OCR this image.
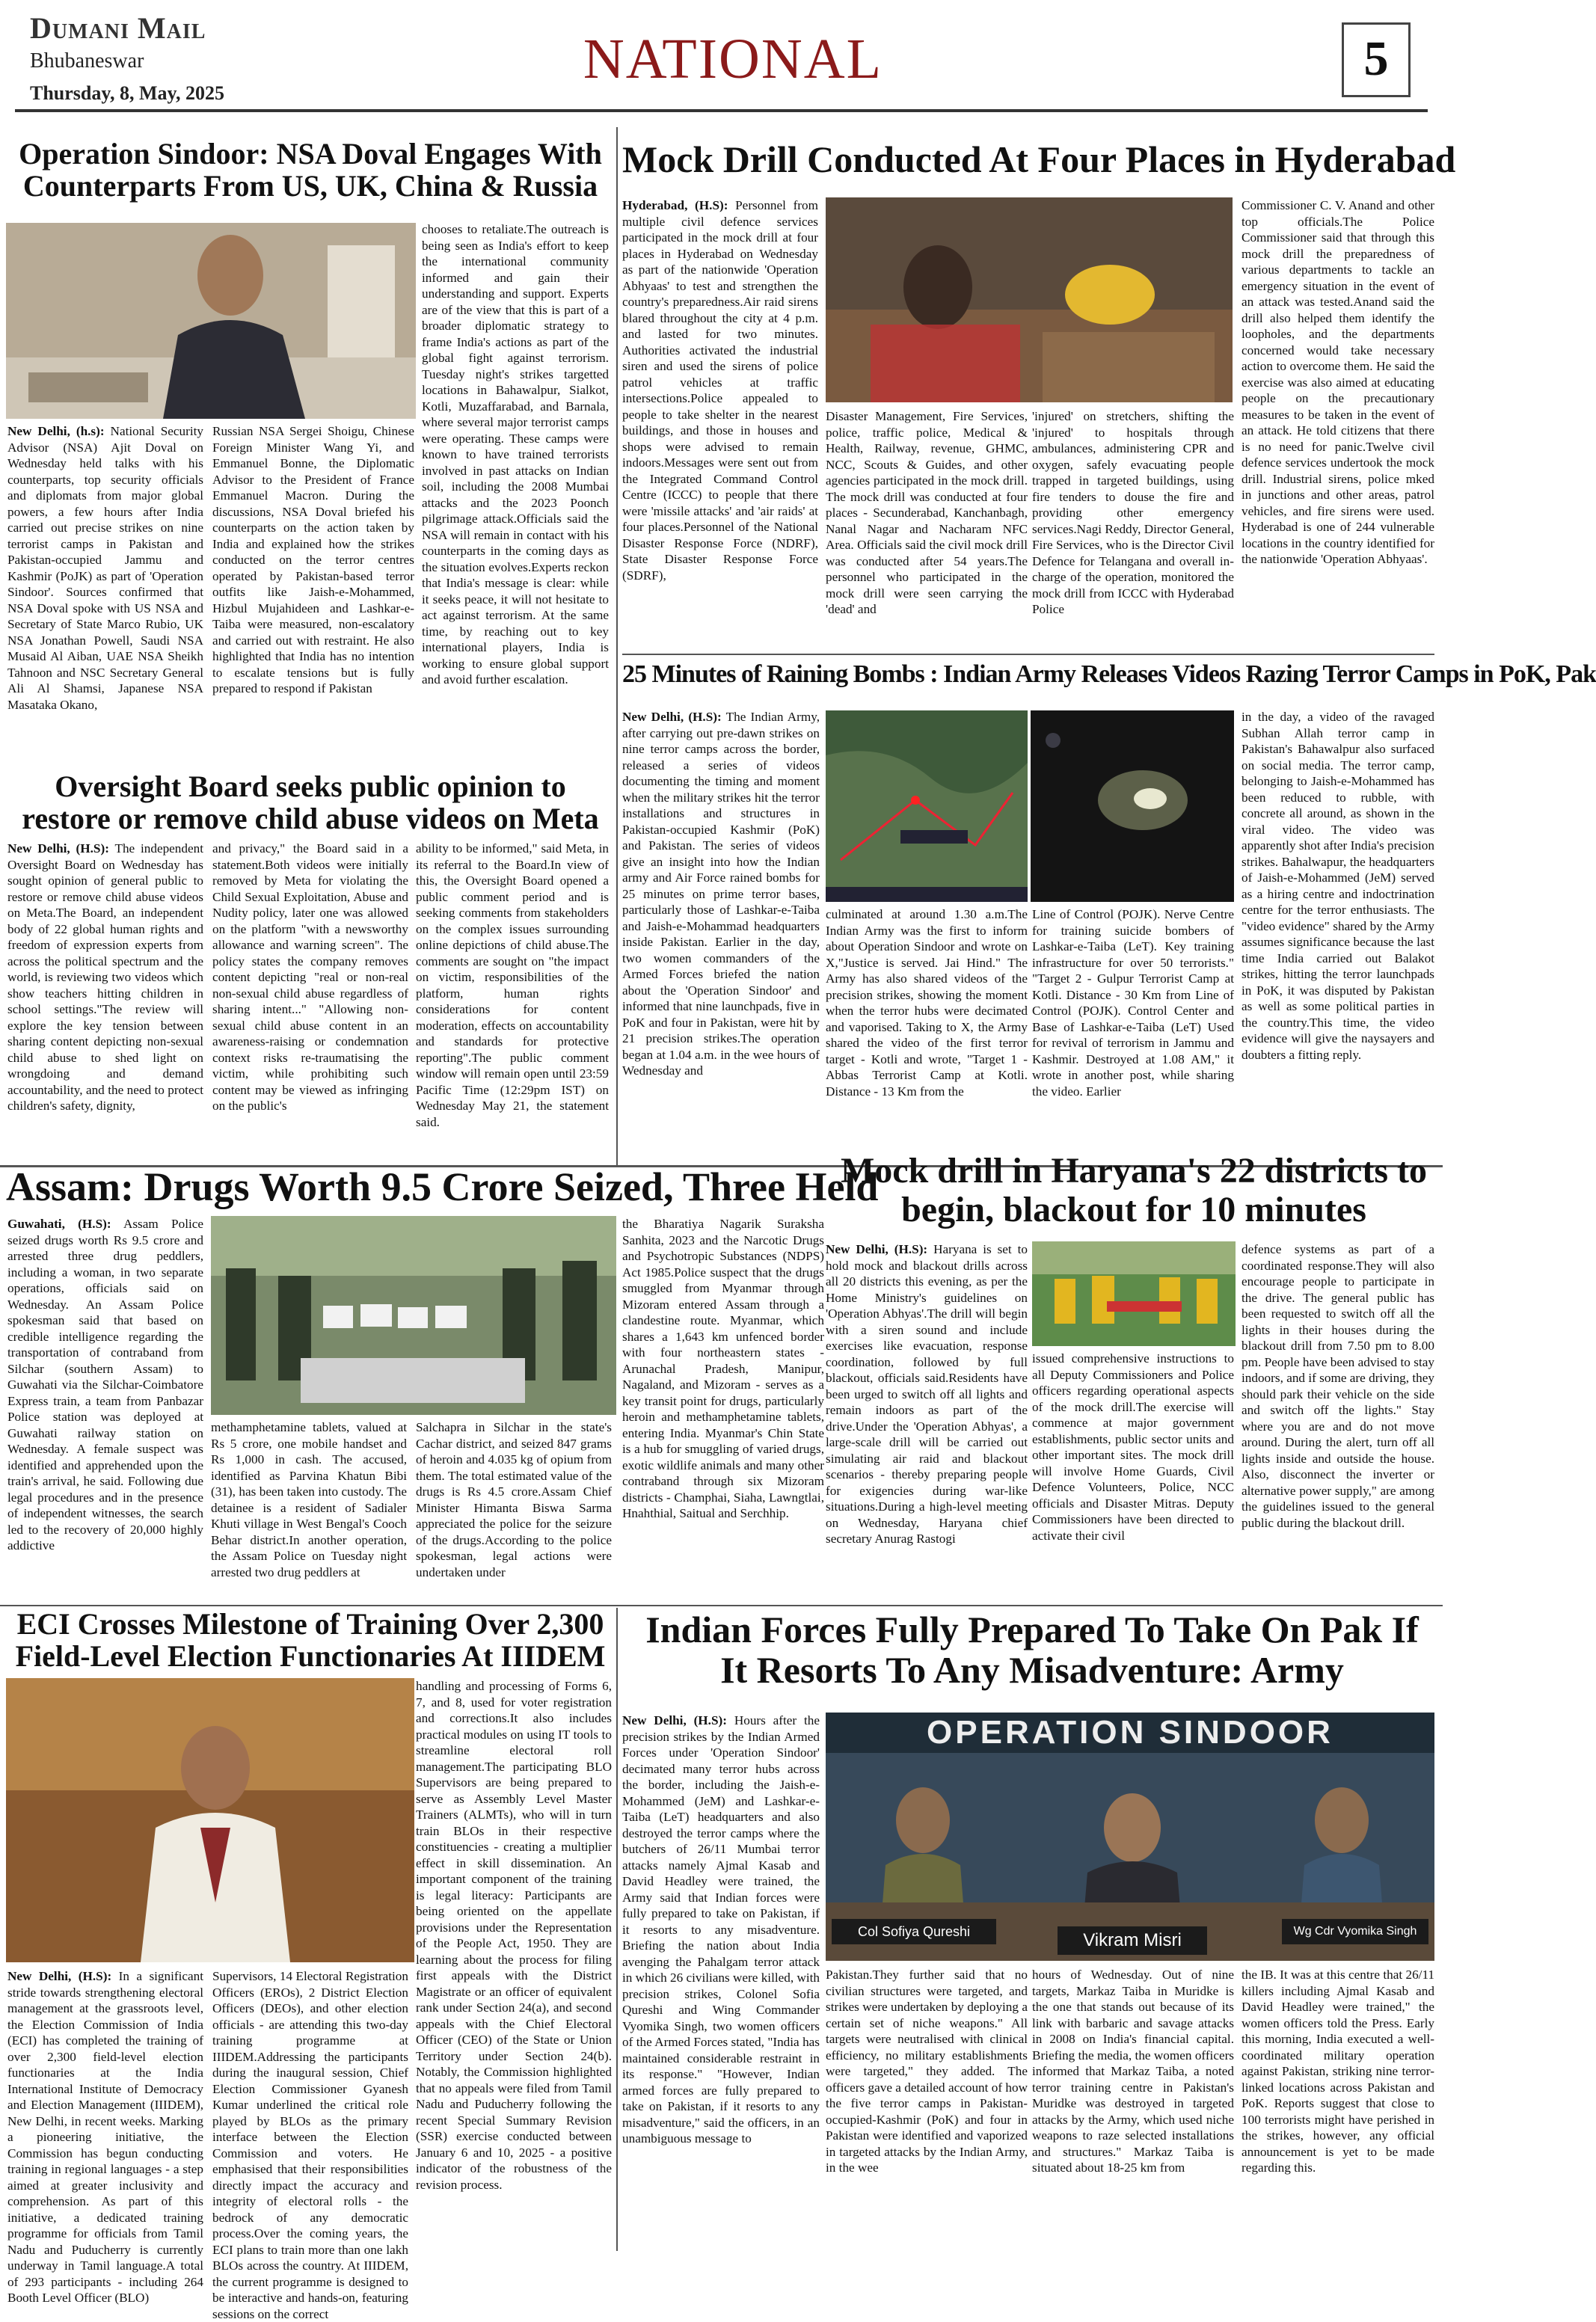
Dumani Mail
Bhubaneswar
Thursday, 8, May, 2025
NATIONAL	5
Operation Sindoor: NSA Doval Engages With Counterparts From US, UK, China & Russia
New Delhi, (h.s): National Security Advisor (NSA) Ajit Doval on Wednesday held talks with his counterparts, top security officials and diplomats from major global powers, a few hours after India carried out precise strikes on nine terrorist camps in Pakistan and Pakistan-occupied Jammu and Kashmir (PoJK) as part of 'Operation Sindoor'. Sources confirmed that NSA Doval spoke with US NSA and Secretary of State Marco Rubio, UK NSA Jonathan Powell, Saudi NSA Musaid Al Aiban, UAE NSA Sheikh Tahnoon and NSC Secretary General Ali Al Shamsi, Japanese NSA Masataka Okano,
Russian NSA Sergei Shoigu, Chinese Foreign Minister Wang Yi, and Emmanuel Bonne, the Diplomatic Advisor to the President of France Emmanuel Macron. During the discussions, NSA Doval briefed his counterparts on the action taken by India and explained how the strikes conducted on the terror centres operated by Pakistan-based terror outfits like Jaish-e-Mohammed, Hizbul Mujahideen and Lashkar-e-Taiba were measured, non-escalatory and carried out with restraint. He also highlighted that India has no intention to escalate tensions but is fully prepared to respond if Pakistan
chooses to retaliate.The outreach is being seen as India's effort to keep the international community informed and gain their understanding and support. Experts are of the view that this is part of a broader diplomatic strategy to frame India's actions as part of the global fight against terrorism. Tuesday night's strikes targetted locations in Bahawalpur, Sialkot, Kotli, Muzaffarabad, and Barnala, where several major terrorist camps were operating. These camps were known to have trained terrorists involved in past attacks on Indian soil, including the 2008 Mumbai attacks and the 2023 Poonch pilgrimage attack.Officials said the NSA will remain in contact with his counterparts in the coming days as the situation evolves.Experts reckon that India's message is clear: while it seeks peace, it will not hesitate to act against terrorism. At the same time, by reaching out to key international players, India is working to ensure global support and avoid further escalation.
Mock Drill Conducted At Four Places in Hyderabad
Hyderabad, (H.S): Personnel from multiple civil defence services participated in the mock drill at four places in Hyderabad on Wednesday as part of the nationwide 'Operation Abhyaas' to test and strengthen the country's preparedness.Air raid sirens blared throughout the city at 4 p.m. and lasted for two minutes. Authorities activated the industrial siren and used the sirens of police patrol vehicles at traffic intersections.Police appealed to people to take shelter in the nearest buildings, and those in houses and shops were advised to remain indoors.Messages were sent out from the Integrated Command Control Centre (ICCC) to people that there were 'missile attacks' and 'air raids' at four places.Personnel of the National Disaster Response Force (NDRF), State Disaster Response Force (SDRF),
Disaster Management, Fire Services, police, traffic police, Medical & Health, Railway, revenue, GHMC, NCC, Scouts & Guides, and other agencies participated in the mock drill. The mock drill was conducted at four places - Secunderabad, Kanchanbagh, Nanal Nagar and Nacharam NFC Area. Officials said the civil mock drill was conducted after 54 years.The personnel who participated in the mock drill were seen carrying the 'dead' and
'injured' on stretchers, shifting the 'injured' to hospitals through ambulances, administering CPR and oxygen, safely evacuating people trapped in targeted buildings, using fire tenders to douse the fire and providing other emergency services.Nagi Reddy, Director General, Fire Services, who is the Director Civil Defence for Telangana and overall in-charge of the operation, monitored the mock drill from ICCC with Hyderabad Police
Commissioner C. V. Anand and other top officials.The Police Commissioner said that through this mock drill the preparedness of various departments to tackle an emergency situation in the event of an attack was tested.Anand said the drill also helped them identify the loopholes, and the departments concerned would take necessary action to overcome them. He said the exercise was also aimed at educating people on the precautionary measures to be taken in the event of an attack. He told citizens that there is no need for panic.Twelve civil defence services undertook the mock drill. Industrial sirens, police mked in junctions and other areas, patrol vehicles, and fire sirens were used. Hyderabad is one of 244 vulnerable locations in the country identified for the nationwide 'Operation Abhyaas'.
Oversight Board seeks public opinion to restore or remove child abuse videos on Meta
New Delhi, (H.S): The independent Oversight Board on Wednesday has sought opinion of general public to restore or remove child abuse videos on Meta.The Board, an independent body of 22 global human rights and freedom of expression experts from across the political spectrum and the world, is reviewing two videos which show teachers hitting children in school settings."The review will explore the key tension between sharing content depicting non-sexual child abuse to shed light on wrongdoing and demand accountability, and the need to protect children's safety, dignity,
and privacy," the Board said in a statement.Both videos were initially removed by Meta for violating the Child Sexual Exploitation, Abuse and Nudity policy, later one was allowed on the platform "with a newsworthy allowance and warning screen". The policy states the company removes content depicting "real or non-real non-sexual child abuse regardless of sharing intent..." "Allowing non-sexual child abuse content in an awareness-raising or condemnation context risks re-traumatising the victim, while prohibiting such content may be viewed as infringing on the public's
ability to be informed," said Meta, in its referral to the Board.In view of this, the Oversight Board opened a public comment period and is seeking comments from stakeholders on the complex issues surrounding online depictions of child abuse.The comments are sought on "the impact on victim, responsibilities of the platform, human rights considerations for content moderation, effects on accountability and standards for protective reporting".The public comment window will remain open until 23:59 Pacific Time (12:29pm IST) on Wednesday May 21, the statement said.
25 Minutes of Raining Bombs : Indian Army Releases Videos Razing Terror Camps in PoK, Pak
New Delhi, (H.S): The Indian Army, after carrying out pre-dawn strikes on nine terror camps across the border, released a series of videos documenting the timing and moment when the military strikes hit the terror installations and structures in Pakistan-occupied Kashmir (PoK) and Pakistan. The series of videos give an insight into how the Indian army and Air Force rained bombs for 25 minutes on prime terror bases, particularly those of Lashkar-e-Taiba and Jaish-e-Mohammad headquarters inside Pakistan. Earlier in the day, two women commanders of the Armed Forces briefed the nation about the 'Operation Sindoor' and informed that nine launchpads, five in PoK and four in Pakistan, were hit by 21 precision strikes.The operation began at 1.04 a.m. in the wee hours of Wednesday and
culminated at around 1.30 a.m.The Indian Army was the first to inform about Operation Sindoor and wrote on X,"Justice is served. Jai Hind." The Army has also shared videos of the precision strikes, showing the moment when the terror hubs were decimated and vaporised. Taking to X, the Army shared the video of the first terror target - Kotli and wrote, "Target 1 - Abbas Terrorist Camp at Kotli. Distance - 13 Km from the
Line of Control (POJK). Nerve Centre for training suicide bombers of Lashkar-e-Taiba (LeT). Key training infrastructure for over 50 terrorists." "Target 2 - Gulpur Terrorist Camp at Kotli. Distance - 30 Km from Line of Control (POJK). Control Center and Base of Lashkar-e-Taiba (LeT) Used for revival of terrorism in Jammu and Kashmir. Destroyed at 1.08 AM," it wrote in another post, while sharing the video. Earlier
in the day, a video of the ravaged Subhan Allah terror camp in Pakistan's Bahawalpur also surfaced on social media. The terror camp, belonging to Jaish-e-Mohammed has been reduced to rubble, with concrete all around, as shown in the viral video. The video was apparently shot after India's precision strikes. Bahalwapur, the headquarters of Jaish-e-Mohammed (JeM) served as a hiring centre and indoctrination centre for the terror enthusiasts. The "video evidence" shared by the Army assumes significance because the last time India carried out Balakot strikes, hitting the terror launchpads in PoK, it was disputed by Pakistan as well as some political parties in the country.This time, the video evidence will give the naysayers and doubters a fitting reply.
Assam: Drugs Worth 9.5 Crore Seized, Three Held
Guwahati, (H.S): Assam Police seized drugs worth Rs 9.5 crore and arrested three drug peddlers, including a woman, in two separate operations, officials said on Wednesday. An Assam Police spokesman said that based on credible intelligence regarding the transportation of contraband from Silchar (southern Assam) to Guwahati via the Silchar-Coimbatore Express train, a team from Panbazar Police station was deployed at Guwahati railway station on Wednesday. A female suspect was identified and apprehended upon the train's arrival, he said. Following due legal procedures and in the presence of independent witnesses, the search led to the recovery of 20,000 highly addictive
methamphetamine tablets, valued at Rs 5 crore, one mobile handset and Rs 1,000 in cash. The accused, identified as Parvina Khatun Bibi (31), has been taken into custody. The detainee is a resident of Sadialer Khuti village in West Bengal's Cooch Behar district.In another operation, the Assam Police on Tuesday night arrested two drug peddlers at
Salchapra in Silchar in the state's Cachar district, and seized 847 grams of heroin and 4.035 kg of opium from them. The total estimated value of the drugs is Rs 4.5 crore.Assam Chief Minister Himanta Biswa Sarma appreciated the police for the seizure of the drugs.According to the police spokesman, legal actions were undertaken under
the Bharatiya Nagarik Suraksha Sanhita, 2023 and the Narcotic Drugs and Psychotropic Substances (NDPS) Act 1985.Police suspect that the drugs smuggled from Myanmar through Mizoram entered Assam through a clandestine route. Myanmar, which shares a 1,643 km unfenced border with four northeastern states - Arunachal Pradesh, Manipur, Nagaland, and Mizoram - serves as a key transit point for drugs, particularly heroin and methamphetamine tablets, entering India. Myanmar's Chin State is a hub for smuggling of varied drugs, exotic wildlife animals and many other contraband through six Mizoram districts - Champhai, Siaha, Lawngtlai, Hnahthial, Saitual and Serchhip.
Mock drill in Haryana's 22 districts to begin, blackout for 10 minutes
New Delhi, (H.S): Haryana is set to hold mock and blackout drills across all 20 districts this evening, as per the Home Ministry's guidelines on 'Operation Abhyas'.The drill will begin with a siren sound and include exercises like evacuation, response coordination, followed by full blackout, officials said.Residents have been urged to switch off all lights and remain indoors as part of the drive.Under the 'Operation Abhyas', a large-scale drill will be carried out simulating air raid and blackout scenarios - thereby preparing people for exigencies during war-like situations.During a high-level meeting on Wednesday, Haryana chief secretary Anurag Rastogi
issued comprehensive instructions to all Deputy Commissioners and Police officers regarding operational aspects of the mock drill.The exercise will commence at major government establishments, public sector units and other important sites. The mock drill will involve Home Guards, Civil Defence Volunteers, Police, NCC officials and Disaster Mitras. Deputy Commissioners have been directed to activate their civil
defence systems as part of a coordinated response.They will also encourage people to participate in the drive. The general public has been requested to switch off all the lights in their houses during the blackout drill from 7.50 pm to 8.00 pm. People have been advised to stay indoors, and if some are driving, they should park their vehicle on the side and switch off the lights." Stay where you are and do not move around. During the alert, turn off all lights inside and outside the house. Also, disconnect the inverter or alternative power supply," are among the guidelines issued to the general public during the blackout drill.
ECI Crosses Milestone of Training Over 2,300 Field-Level Election Functionaries At IIIDEM
New Delhi, (H.S): In a significant stride towards strengthening electoral management at the grassroots level, the Election Commission of India (ECI) has completed the training of over 2,300 field-level election functionaries at the India International Institute of Democracy and Election Management (IIIDEM), New Delhi, in recent weeks. Marking a pioneering initiative, the Commission has begun conducting training in regional languages - a step aimed at greater inclusivity and comprehension. As part of this initiative, a dedicated training programme for officials from Tamil Nadu and Puducherry is currently underway in Tamil language.A total of 293 participants - including 264 Booth Level Officer (BLO)
Supervisors, 14 Electoral Registration Officers (EROs), 2 District Election Officers (DEOs), and other election officials - are attending this two-day training programme at IIIDEM.Addressing the participants during the inaugural session, Chief Election Commissioner Gyanesh Kumar underlined the critical role played by BLOs as the primary interface between the Election Commission and voters. He emphasised that their responsibilities directly impact the accuracy and integrity of electoral rolls - the bedrock of any democratic process.Over the coming years, the ECI plans to train more than one lakh BLOs across the country. At IIIDEM, the current programme is designed to be interactive and hands-on, featuring sessions on the correct
handling and processing of Forms 6, 7, and 8, used for voter registration and corrections.It also includes practical modules on using IT tools to streamline electoral roll management.The participating BLO Supervisors are being prepared to serve as Assembly Level Master Trainers (ALMTs), who will in turn train BLOs in their respective constituencies - creating a multiplier effect in skill dissemination. An important component of the training is legal literacy: Participants are being oriented on the appellate provisions under the Representation of the People Act, 1950. They are learning about the process for filing first appeals with the District Magistrate or an officer of equivalent rank under Section 24(a), and second appeals with the Chief Electoral Officer (CEO) of the State or Union Territory under Section 24(b). Notably, the Commission highlighted that no appeals were filed from Tamil Nadu and Puducherry following the recent Special Summary Revision (SSR) exercise conducted between January 6 and 10, 2025 - a positive indicator of the robustness of the revision process.
Indian Forces Fully Prepared To Take On Pak If It Resorts To Any Misadventure: Army
New Delhi, (H.S): Hours after the precision strikes by the Indian Armed Forces under 'Operation Sindoor' decimated many terror hubs across the border, including the Jaish-e-Mohammed (JeM) and Lashkar-e-Taiba (LeT) headquarters and also destroyed the terror camps where the butchers of 26/11 Mumbai terror attacks namely Ajmal Kasab and David Headley were trained, the Army said that Indian forces were fully prepared to take on Pakistan, if it resorts to any misadventure. Briefing the nation about India avenging the Pahalgam terror attack in which 26 civilians were killed, with precision strikes, Colonel Sofia Qureshi and Wing Commander Vyomika Singh, two women officers of the Armed Forces stated, "India has maintained considerable restraint in its response." "However, Indian armed forces are fully prepared to take on Pakistan, if it resorts to any misadventure," said the officers, in an unambiguous message to
OPERATION SINDOOR
Col Sofiya Qureshi	Vikram Misri	Wg Cdr Vyomika Singh
Pakistan.They further said that no civilian structures were targeted, and strikes were undertaken by deploying a certain set of niche weapons." All targets were neutralised with clinical efficiency, no military establishments were targeted," they added. The officers gave a detailed account of how the five terror camps in Pakistan-occupied-Kashmir (PoK) and four in Pakistan were identified and vaporized in targeted attacks by the Indian Army, in the wee
hours of Wednesday. Out of nine targets, Markaz Taiba in Muridke is the one that stands out because of its link with barbaric and savage attacks in 2008 on India's financial capital. Briefing the media, the women officers informed that Markaz Taiba, a noted terror training centre in Pakistan's Muridke was destroyed in targeted attacks by the Army, which used niche weapons to raze selected installations and structures." Markaz Taiba is situated about 18-25 km from
the IB. It was at this centre that 26/11 killers including Ajmal Kasab and David Headley were trained," the women officers told the Press. Early this morning, India executed a well-coordinated military operation against Pakistan, striking nine terror-linked locations across Pakistan and PoK. Reports suggest that close to 100 terrorists might have perished in the strikes, however, any official announcement is yet to be made regarding this.
